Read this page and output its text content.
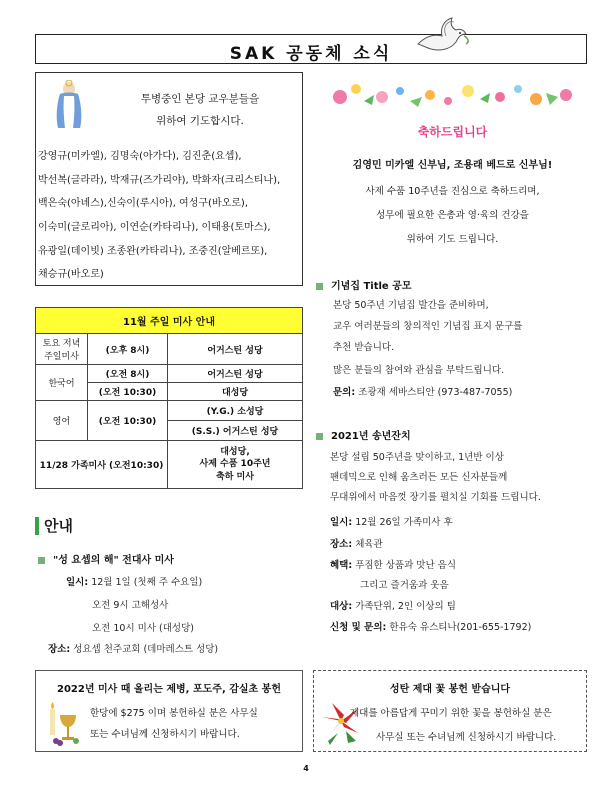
SAK 공동체 소식
투병중인 본당 교우분들을
위하여 기도합시다.
강영규(미카엘), 김명숙(아가다), 김진춘(요셉),
박선복(글라라), 박재규(즈가리야), 박화자(크리스티나),
백은숙(아녜스),신숙이(루시아), 여성구(바오로),
이숙미(글로리아), 이연순(카타리나), 이태용(토마스),
유광일(데이빗) 조종완(카타리나), 조중진(알베르또),
채승규(바오로)
11월 주일 미사 안내		
토요 저녁 주일미사	(오후 8시)	어거스틴 성당
한국어	(오전 8시)	어거스틴 성당
	(오전 10:30)	대성당
영어	(오전 10:30)	(Y.G.) 소성당
		(S.S.) 어거스틴 성당
11/28 가족미사 (오전10:30)		대성당,
사제 수품 10주년
축하 미사
안내
"성 요셉의 해" 전대사 미사
일시: 12월 1일 (첫째 주 수요일)
오전 9시 고해성사
오전 10시 미사 (대성당)
장소: 성요셉 천주교회 (데마레스트 성당)
축하드립니다
김영민 미카엘 신부님, 조용래 베드로 신부님!
사제 수품 10주년을 진심으로 축하드리며,
성무에 필요한 은총과 영·육의 건강을
위하여 기도 드립니다.
기념집 Title 공모
본당 50주년 기념집 발간을 준비하며,
교우 여러분들의 창의적인 기념집 표지 문구를
추천 받습니다.
많은 분들의 참여와 관심을 부탁드립니다.
문의: 조광재 세바스티안 (973-487-7055)
2021년 송년잔치
본당 설립 50주년을 맞이하고, 1년반 이상
팬데믹으로 인해 움츠러든 모든 신자분들께
무대위에서 마음껏 장기를 펼치실 기회를 드립니다.
일시: 12월 26일 가족미사 후
장소: 체육관
혜택: 푸짐한 상품과 맛난 음식
그리고 즐거움과 웃음
대상: 가족단위, 2인 이상의 팀
신청 및 문의: 한유숙 유스티나(201-655-1792)
2022년 미사 때 올리는 제병, 포도주, 감실초 봉헌
한당에 $275 이며 봉헌하실 분은 사무실
또는 수녀님께 신청하시기 바랍니다.
성탄 제대 꽃 봉헌 받습니다
제대를 아름답게 꾸미기 위한 꽃을 봉헌하실 분은
사무실 또는 수녀님께 신청하시기 바랍니다.
4
